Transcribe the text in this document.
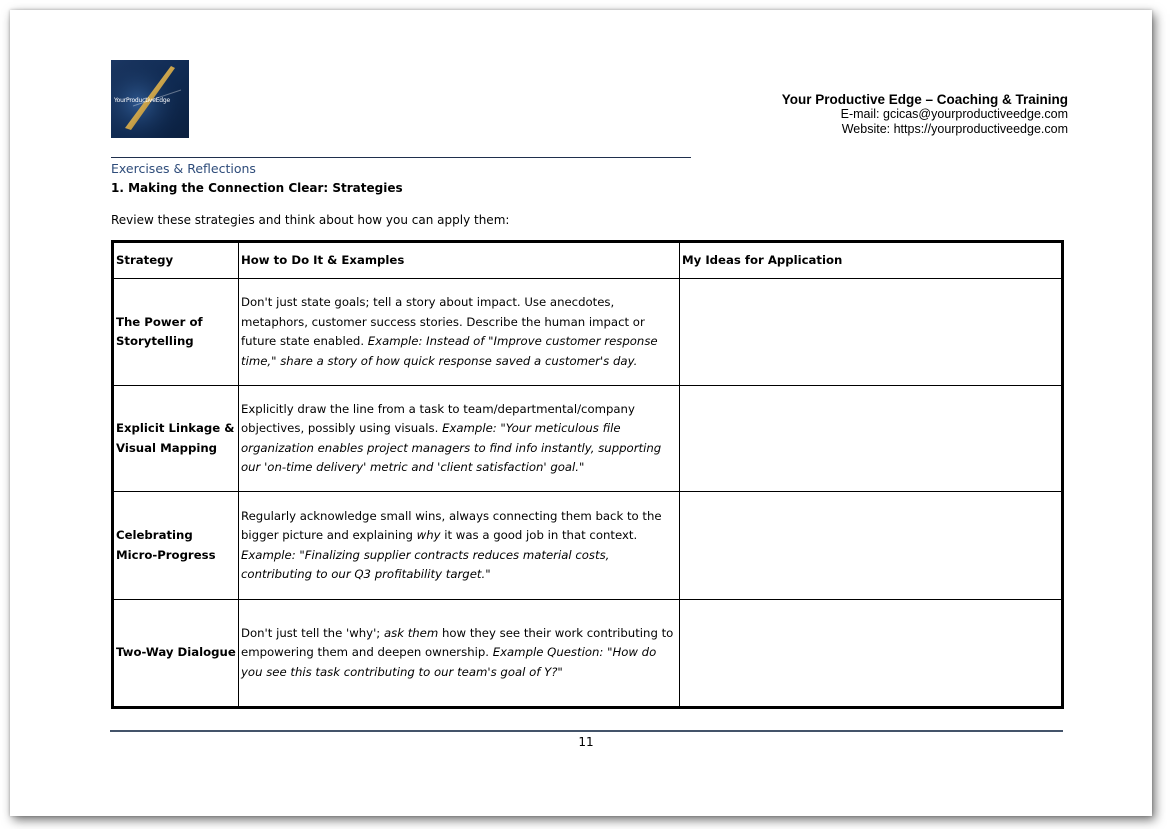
YourProductiveEdge	Your Productive Edge – Coaching & Training
E-mail: gcicas@yourproductiveedge.com
Website: https://yourproductiveedge.com
Exercises & Reflections
1. Making the Connection Clear: Strategies
Review these strategies and think about how you can apply them:
Strategy	How to Do It & Examples	My Ideas for Application
The Power of Storytelling	Don't just state goals; tell a story about impact. Use anecdotes, metaphors, customer success stories. Describe the human impact or future state enabled. Example: Instead of "Improve customer response time," share a story of how quick response saved a customer's day.	
Explicit Linkage & Visual Mapping	Explicitly draw the line from a task to team/departmental/company objectives, possibly using visuals. Example: "Your meticulous file organization enables project managers to find info instantly, supporting our 'on-time delivery' metric and 'client satisfaction' goal."	
Celebrating Micro-Progress	Regularly acknowledge small wins, always connecting them back to the bigger picture and explaining why it was a good job in that context. Example: "Finalizing supplier contracts reduces material costs, contributing to our Q3 profitability target."	
Two-Way Dialogue	Don't just tell the 'why'; ask them how they see their work contributing to empowering them and deepen ownership. Example Question: "How do you see this task contributing to our team's goal of Y?"	
11
